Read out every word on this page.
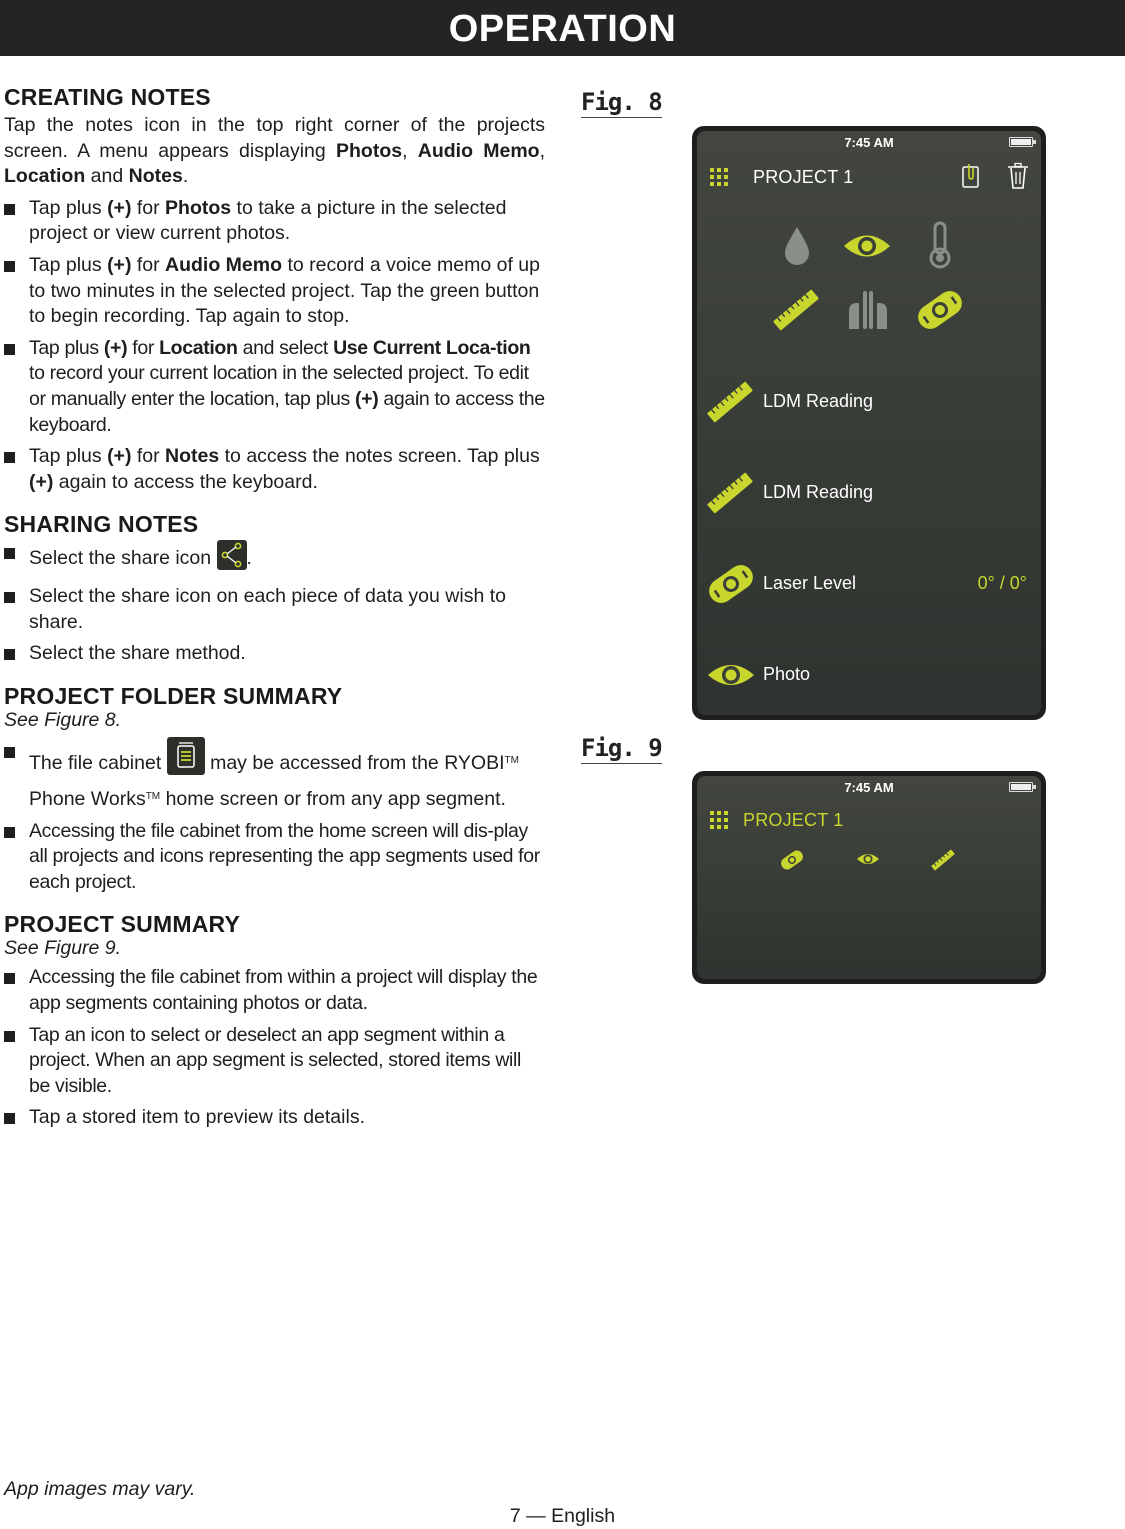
OPERATION
CREATING NOTES

Tap the notes icon in the top right corner of the projects screen. A menu appears displaying Photos, Audio Memo, Location and Notes.

Tap plus (+) for Photos to take a picture in the selected project or view current photos.
Tap plus (+) for Audio Memo to record a voice memo of up to two minutes in the selected project. Tap the green button to begin recording. Tap again to stop.
Tap plus (+) for Location and select Use Current Loca-tion to record your current location in the selected project. To edit or manually enter the location, tap plus (+) again to access the keyboard.
Tap plus (+) for Notes to access the notes screen. Tap plus (+) again to access the keyboard.
SHARING NOTES
Select the share icon .
Select the share icon on each piece of data you wish to share.
Select the share method.
PROJECT FOLDER SUMMARY
See Figure 8.
The file cabinet  may be accessed from the RYOBI™
Phone Works™ home screen or from any app segment.
Accessing the file cabinet from the home screen will dis-play all projects and icons representing the app segments used for each project.
PROJECT SUMMARY
See Figure 9.
Accessing the file cabinet from within a project will display the app segments containing photos or data.
Tap an icon to select or deselect an app segment within a project. When an app segment is selected, stored items will be visible.
Tap a stored item to preview its details.
Fig. 8
7:45 AM
PROJECT 1
LDM Reading
LDM Reading
Laser Level	0° / 0°
Photo
Fig. 9
7:45 AM
PROJECT 1
App images may vary.
7 — English
